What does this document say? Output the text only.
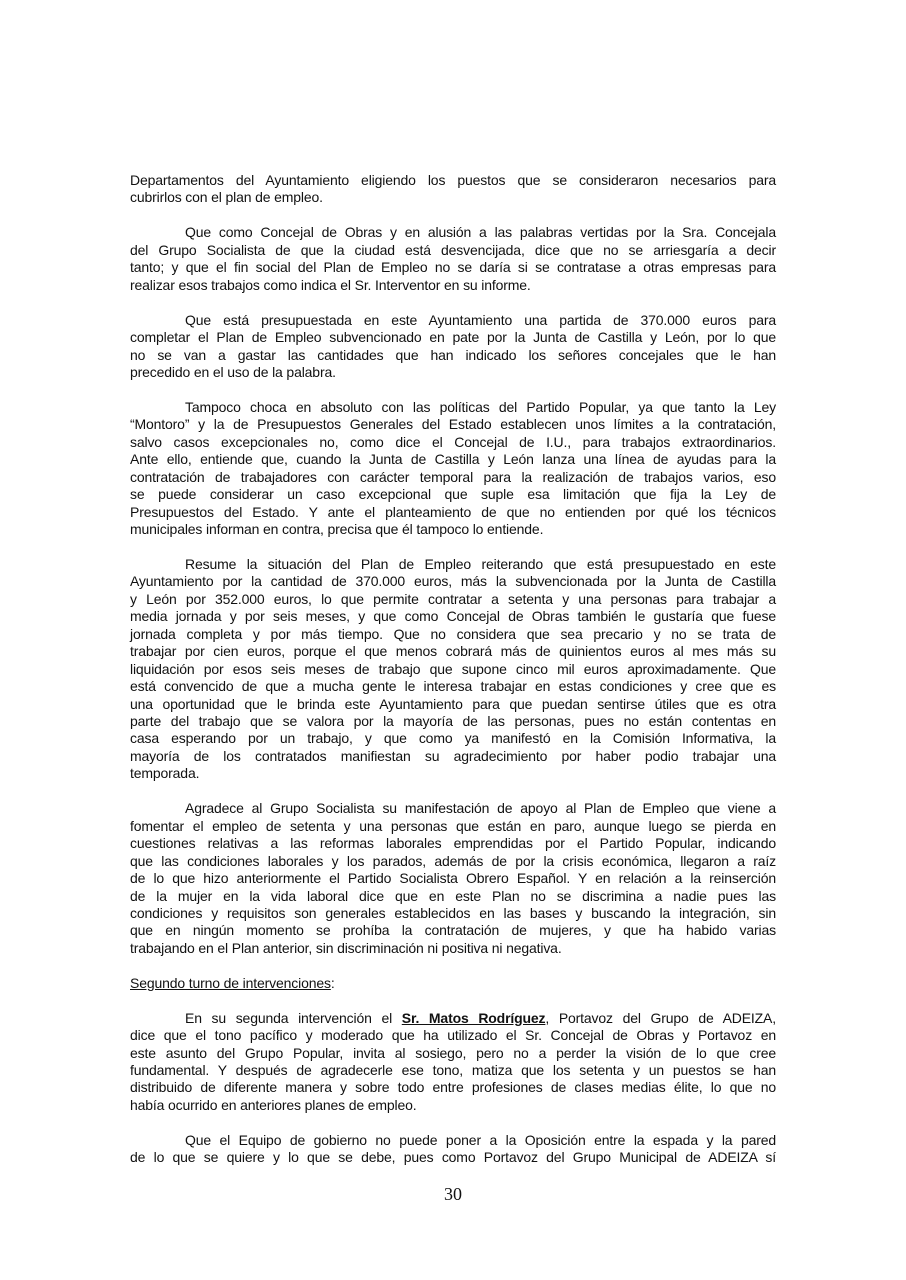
Departamentos del Ayuntamiento eligiendo los puestos que se consideraron necesarios para
cubrirlos con el plan de empleo.
Que como Concejal de Obras y en alusión a las palabras vertidas por la Sra. Concejala
del Grupo Socialista de que la ciudad está desvencijada, dice que no se arriesgaría a decir
tanto; y que el fin social del Plan de Empleo no se daría si se contratase a otras empresas para
realizar esos trabajos como indica el Sr. Interventor en su informe.
Que está presupuestada en este Ayuntamiento una partida de 370.000 euros para
completar el Plan de Empleo subvencionado en pate por la Junta de Castilla y León, por lo que
no se van a gastar las cantidades que han indicado los señores concejales que le han
precedido en el uso de la palabra.
Tampoco choca en absoluto con las políticas del Partido Popular, ya que tanto la Ley
“Montoro” y la de Presupuestos Generales del Estado establecen unos límites a la contratación,
salvo casos excepcionales no, como dice el Concejal de I.U., para trabajos extraordinarios.
Ante ello, entiende que, cuando la Junta de Castilla y León lanza una línea de ayudas para la
contratación de trabajadores con carácter temporal para la realización de trabajos varios, eso
se puede considerar un caso excepcional que suple esa limitación que fija la Ley de
Presupuestos del Estado. Y ante el planteamiento de que no entienden por qué los técnicos
municipales informan en contra, precisa que él tampoco lo entiende.
Resume la situación del Plan de Empleo reiterando que está presupuestado en este
Ayuntamiento por la cantidad de 370.000 euros, más la subvencionada por la Junta de Castilla
y León por 352.000 euros, lo que permite contratar a setenta y una personas para trabajar a
media jornada y por seis meses, y que como Concejal de Obras también le gustaría que fuese
jornada completa y por más tiempo. Que no considera que sea precario y no se trata de
trabajar por cien euros, porque el que menos cobrará más de quinientos euros al mes más su
liquidación por esos seis meses de trabajo que supone cinco mil euros aproximadamente. Que
está convencido de que a mucha gente le interesa trabajar en estas condiciones y cree que es
una oportunidad que le brinda este Ayuntamiento para que puedan sentirse útiles que es otra
parte del trabajo que se valora por la mayoría de las personas, pues no están contentas en
casa esperando por un trabajo, y que como ya manifestó en la Comisión Informativa, la
mayoría de los contratados manifiestan su agradecimiento por haber podio trabajar una
temporada.
Agradece al Grupo Socialista su manifestación de apoyo al Plan de Empleo que viene a
fomentar el empleo de setenta y una personas que están en paro, aunque luego se pierda en
cuestiones relativas a las reformas laborales emprendidas por el Partido Popular, indicando
que las condiciones laborales y los parados, además de por la crisis económica, llegaron a raíz
de lo que hizo anteriormente el Partido Socialista Obrero Español. Y en relación a la reinserción
de la mujer en la vida laboral dice que en este Plan no se discrimina a nadie pues las
condiciones y requisitos son generales establecidos en las bases y buscando la integración, sin
que en ningún momento se prohíba la contratación de mujeres, y que ha habido varias
trabajando en el Plan anterior, sin discriminación ni positiva ni negativa.
Segundo turno de intervenciones:
En su segunda intervención el Sr. Matos Rodríguez, Portavoz del Grupo de ADEIZA,
dice que el tono pacífico y moderado que ha utilizado el Sr. Concejal de Obras y Portavoz en
este asunto del Grupo Popular, invita al sosiego, pero no a perder la visión de lo que cree
fundamental. Y después de agradecerle ese tono, matiza que los setenta y un puestos se han
distribuido de diferente manera y sobre todo entre profesiones de clases medias élite, lo que no
había ocurrido en anteriores planes de empleo.
Que el Equipo de gobierno no puede poner a la Oposición entre la espada y la pared
de lo que se quiere y lo que se debe, pues como Portavoz del Grupo Municipal de ADEIZA sí
30
